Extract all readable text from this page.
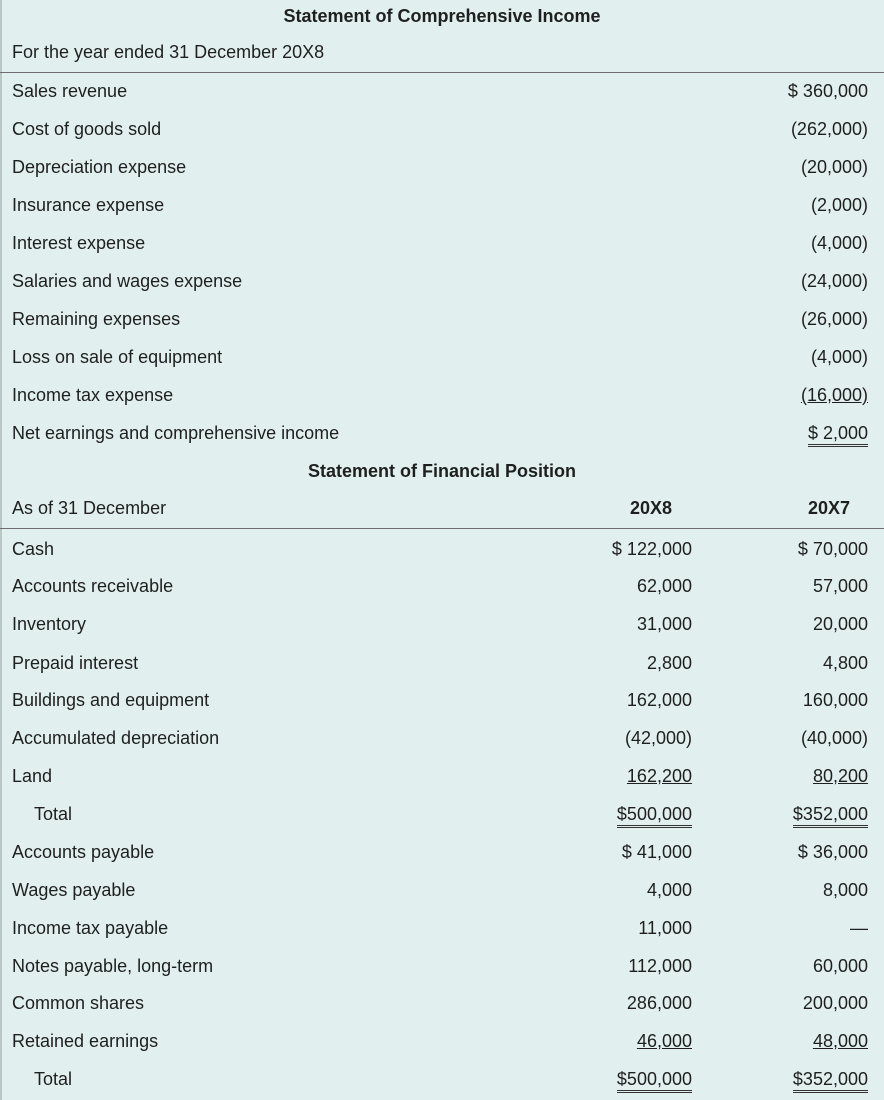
Statement of Comprehensive Income
For the year ended 31 December 20X8
Sales revenue	$ 360,000
Cost of goods sold	(262,000)
Depreciation expense	(20,000)
Insurance expense	(2,000)
Interest expense	(4,000)
Salaries and wages expense	(24,000)
Remaining expenses	(26,000)
Loss on sale of equipment	(4,000)
Income tax expense	(16,000)
Net earnings and comprehensive income	$ 2,000
Statement of Financial Position
As of 31 December	20X8	20X7
Cash	$ 122,000	$ 70,000
Accounts receivable	62,000	57,000
Inventory	31,000	20,000
Prepaid interest	2,800	4,800
Buildings and equipment	162,000	160,000
Accumulated depreciation	(42,000)	(40,000)
Land	162,200	80,200
Total	$500,000	$352,000
Accounts payable	$ 41,000	$ 36,000
Wages payable	4,000	8,000
Income tax payable	11,000	—
Notes payable, long-term	112,000	60,000
Common shares	286,000	200,000
Retained earnings	46,000	48,000
Total	$500,000	$352,000
